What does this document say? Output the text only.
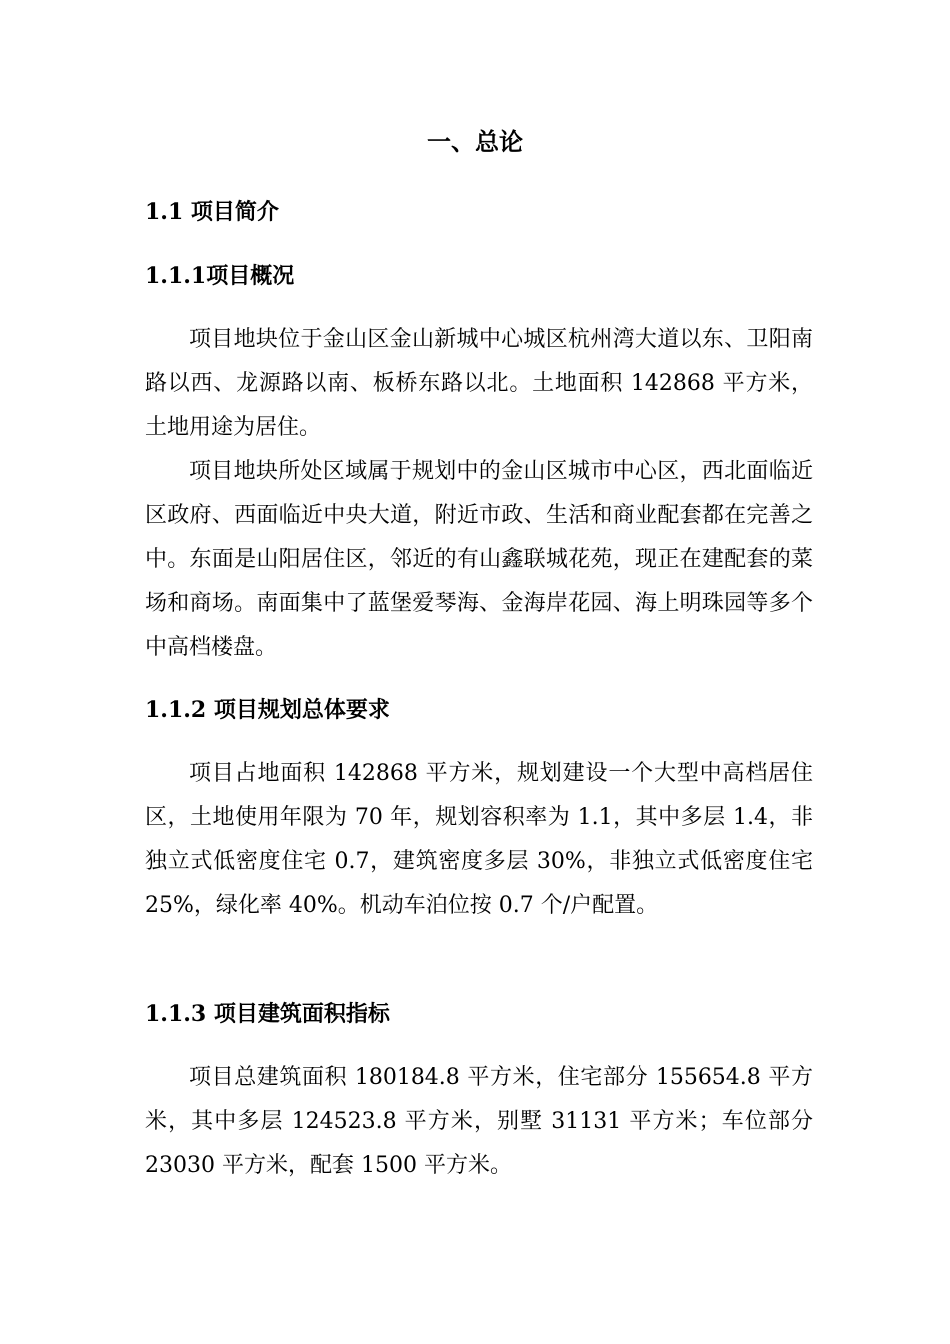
一、总论
1.1 项目简介
1.1.1项目概况
项目地块位于金山区金山新城中心城区杭州湾大道以东、卫阳南路以西、龙源路以南、板桥东路以北。土地面积 142868 平方米，土地用途为居住。
项目地块所处区域属于规划中的金山区城市中心区，西北面临近区政府、西面临近中央大道，附近市政、生活和商业配套都在完善之中。东面是山阳居住区，邻近的有山鑫联城花苑，现正在建配套的菜场和商场。南面集中了蓝堡爱琴海、金海岸花园、海上明珠园等多个中高档楼盘。
1.1.2 项目规划总体要求
项目占地面积 142868 平方米，规划建设一个大型中高档居住区，土地使用年限为 70 年，规划容积率为 1.1，其中多层 1.4，非独立式低密度住宅 0.7，建筑密度多层 30%，非独立式低密度住宅 25%，绿化率 40%。机动车泊位按 0.7 个/户配置。
1.1.3 项目建筑面积指标
项目总建筑面积 180184.8 平方米，住宅部分 155654.8 平方米，其中多层 124523.8 平方米，别墅 31131 平方米；车位部分 23030 平方米，配套 1500 平方米。
